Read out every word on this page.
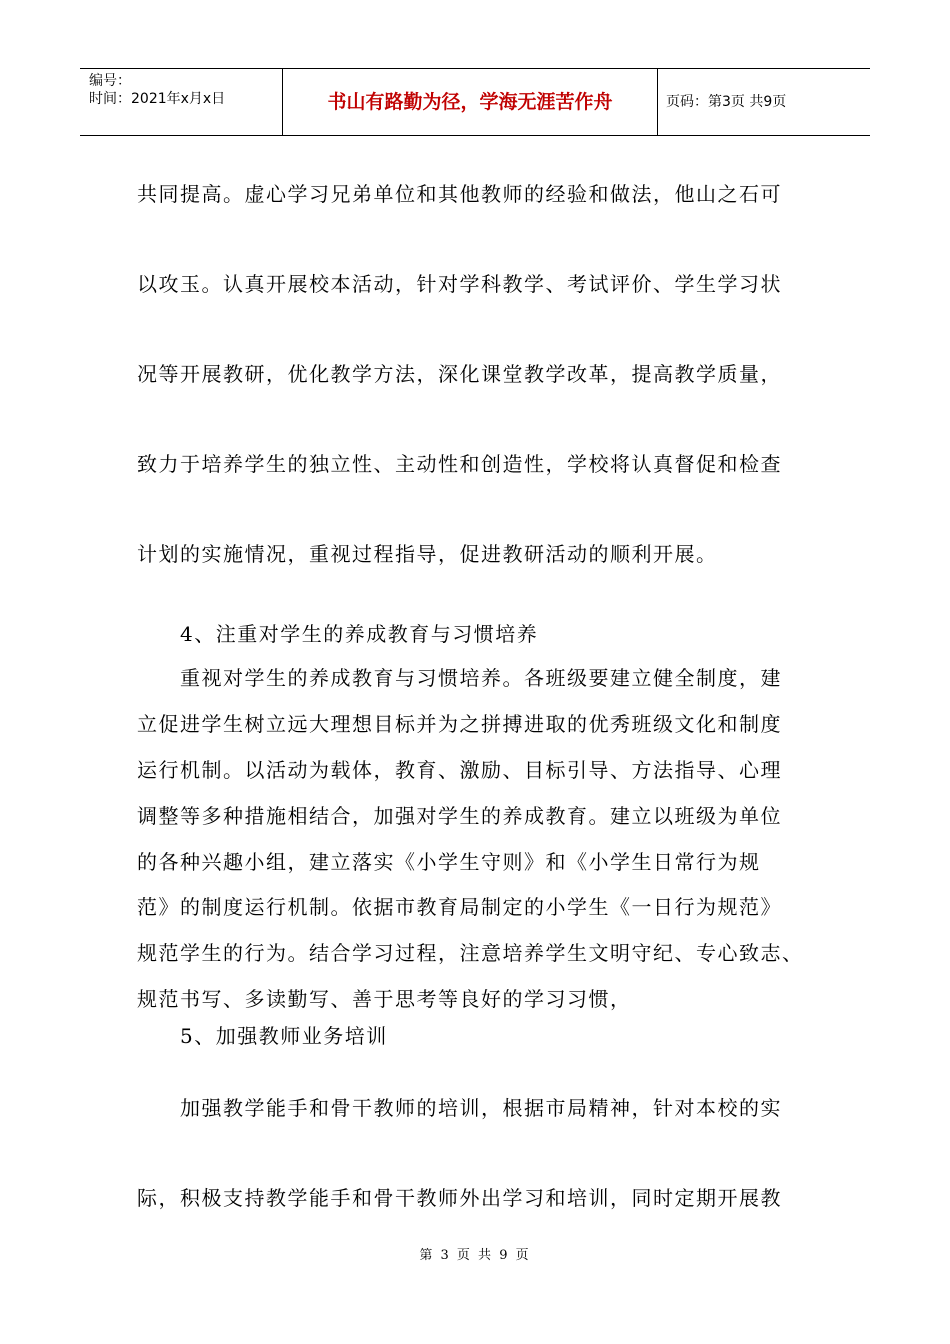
编号：
时间：2021年x月x日	书山有路勤为径，学海无涯苦作舟	页码：第3页 共9页
共同提高。虚心学习兄弟单位和其他教师的经验和做法，他山之石可
以攻玉。认真开展校本活动，针对学科教学、考试评价、学生学习状
况等开展教研，优化教学方法，深化课堂教学改革，提高教学质量，
致力于培养学生的独立性、主动性和创造性，学校将认真督促和检查
计划的实施情况，重视过程指导，促进教研活动的顺利开展。
4、注重对学生的养成教育与习惯培养
重视对学生的养成教育与习惯培养。各班级要建立健全制度，建
立促进学生树立远大理想目标并为之拼搏进取的优秀班级文化和制度
运行机制。以活动为载体，教育、激励、目标引导、方法指导、心理
调整等多种措施相结合，加强对学生的养成教育。建立以班级为单位
的各种兴趣小组，建立落实《小学生守则》和《小学生日常行为规
范》的制度运行机制。依据市教育局制定的小学生《一日行为规范》
规范学生的行为。结合学习过程，注意培养学生文明守纪、专心致志、
规范书写、多读勤写、善于思考等良好的学习习惯，
5、加强教师业务培训
加强教学能手和骨干教师的培训，根据市局精神，针对本校的实
际，积极支持教学能手和骨干教师外出学习和培训，同时定期开展教
第 3 页 共 9 页
